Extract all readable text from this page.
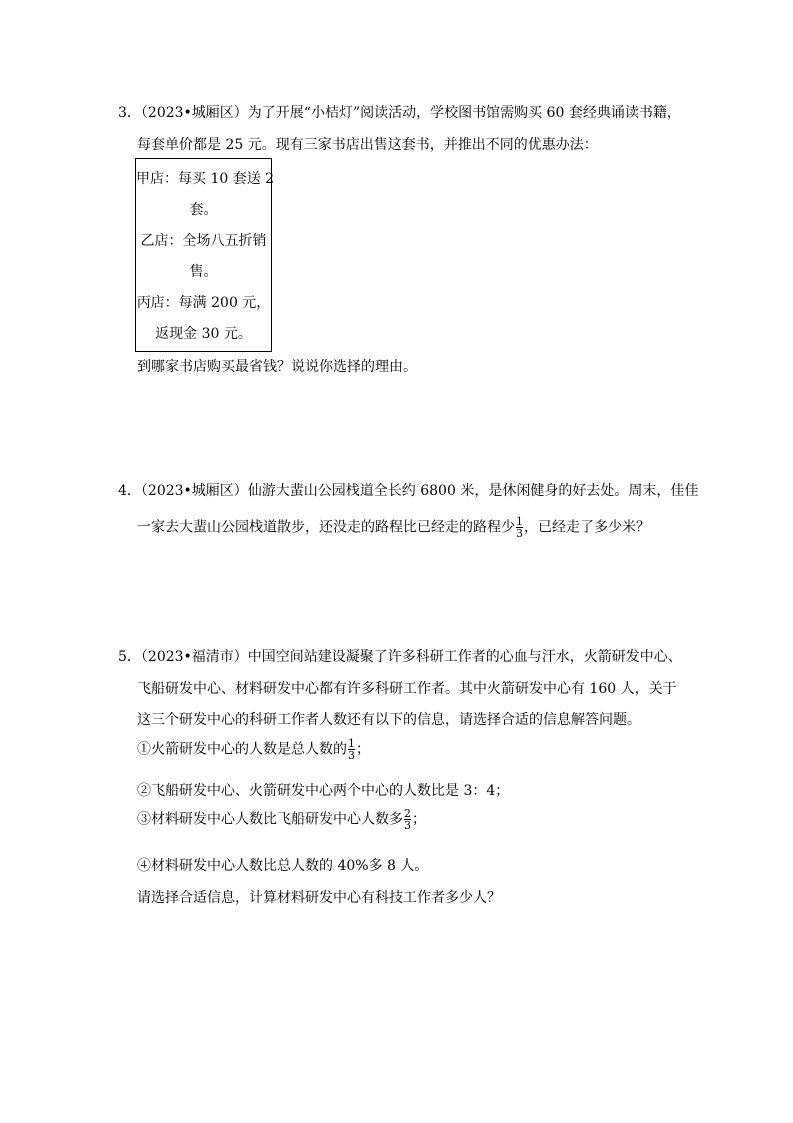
3．（2023•城厢区）为了开展“小桔灯”阅读活动，学校图书馆需购买 60 套经典诵读书籍，
每套单价都是 25 元。现有三家书店出售这套书，并推出不同的优惠办法：
甲店：每买 10 套送 2
套。
乙店：全场八五折销
售。
丙店：每满 200 元，
返现金 30 元。
到哪家书店购买最省钱？说说你选择的理由。
4．（2023•城厢区）仙游大蜚山公园栈道全长约 6800 米，是休闲健身的好去处。周末，佳佳
一家去大蜚山公园栈道散步，还没走的路程比已经走的路程少 $\frac{1}{3}$ ，已经走了多少米？
5．（2023•福清市）中国空间站建设凝聚了许多科研工作者的心血与汗水，火箭研发中心、
飞船研发中心、材料研发中心都有许多科研工作者。其中火箭研发中心有 160 人，关于
这三个研发中心的科研工作者人数还有以下的信息，请选择合适的信息解答问题。
①火箭研发中心的人数是总人数的 $\frac{1}{3}$ ；
②飞船研发中心、火箭研发中心两个中心的人数比是 3：4；
③材料研发中心人数比飞船研发中心人数多 $\frac{2}{3}$ ；
④材料研发中心人数比总人数的 40%多 8 人。
请选择合适信息，计算材料研发中心有科技工作者多少人？
